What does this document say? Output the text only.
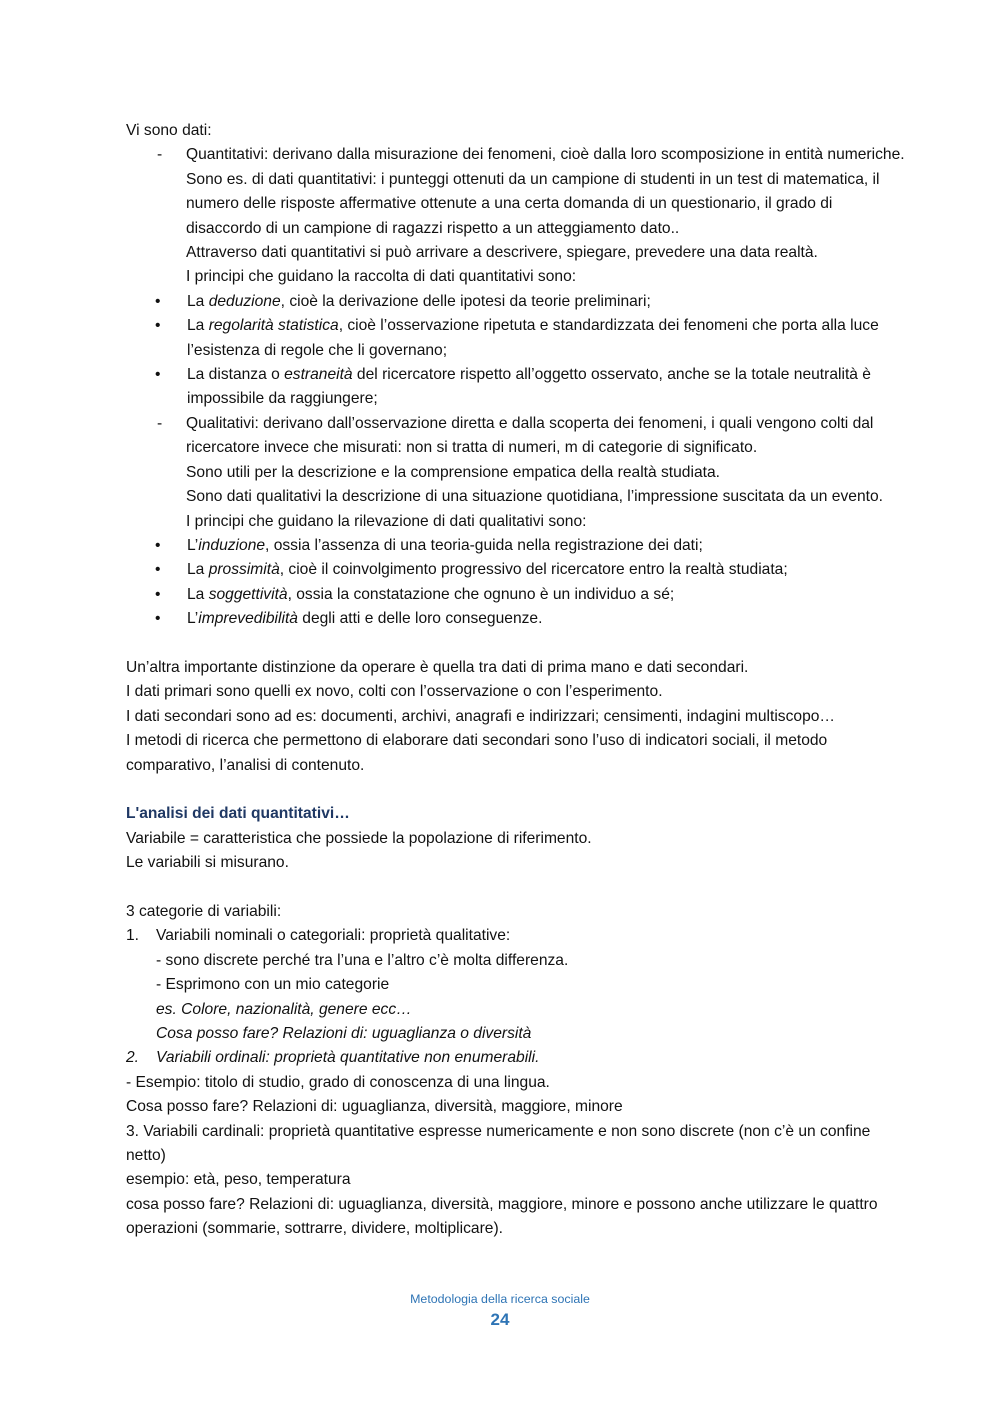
Vi sono dati:

- Quantitativi: derivano dalla misurazione dei fenomeni, cioè dalla loro scomposizione in entità numeriche. Sono es. di dati quantitativi: i punteggi ottenuti da un campione di studenti in un test di matematica, il numero delle risposte affermative ottenute a una certa domanda di un questionario, il grado di disaccordo di un campione di ragazzi rispetto a un atteggiamento dato..

Attraverso dati quantitativi si può arrivare a descrivere, spiegare, prevedere una data realtà.

I principi che guidano la raccolta di dati quantitativi sono:

• La deduzione, cioè la derivazione delle ipotesi da teorie preliminari;
• La regolarità statistica, cioè l’osservazione ripetuta e standardizzata dei fenomeni che porta alla luce l’esistenza di regole che li governano;
• La distanza o estraneità del ricercatore rispetto all’oggetto osservato, anche se la totale neutralità è impossibile da raggiungere;
- Qualitativi: derivano dall’osservazione diretta e dalla scoperta dei fenomeni, i quali vengono colti dal ricercatore invece che misurati: non si tratta di numeri, m di categorie di significato.

Sono utili per la descrizione e la comprensione empatica della realtà studiata.

Sono dati qualitativi la descrizione di una situazione quotidiana, l’impressione suscitata da un evento.

I principi che guidano la rilevazione di dati qualitativi sono:

• L’induzione, ossia l’assenza di una teoria-guida nella registrazione dei dati;
• La prossimità, cioè il coinvolgimento progressivo del ricercatore entro la realtà studiata;
• La soggettività, ossia la constatazione che ognuno è un individuo a sé;
• L’imprevedibilità degli atti e delle loro conseguenze.

Un’altra importante distinzione da operare è quella tra dati di prima mano e dati secondari.

I dati primari sono quelli ex novo, colti con l’osservazione o con l’esperimento.

I dati secondari sono ad es: documenti, archivi, anagrafi e indirizzari; censimenti, indagini multiscopo…

I metodi di ricerca che permettono di elaborare dati secondari sono l’uso di indicatori sociali, il metodo comparativo, l’analisi di contenuto.

L'analisi dei dati quantitativi…

Variabile = caratteristica che possiede la popolazione di riferimento.

Le variabili si misurano.

3 categorie di variabili:

1. Variabili nominali o categoriali: proprietà qualitative:

- sono discrete perché tra l’una e l’altro c’è molta differenza.

- Esprimono con un mio categorie

es. Colore, nazionalità, genere ecc…

Cosa posso fare? Relazioni di: uguaglianza o diversità

2. Variabili ordinali: proprietà quantitative non enumerabili.

- Esempio: titolo di studio, grado di conoscenza di una lingua.

Cosa posso fare? Relazioni di: uguaglianza, diversità, maggiore, minore

3. Variabili cardinali: proprietà quantitative espresse numericamente e non sono discrete (non c’è un confine netto)

esempio: età, peso, temperatura

cosa posso fare? Relazioni di: uguaglianza, diversità, maggiore, minore e possono anche utilizzare le quattro operazioni (sommarie, sottrarre, dividere, moltiplicare).

Metodologia della ricerca sociale
24
